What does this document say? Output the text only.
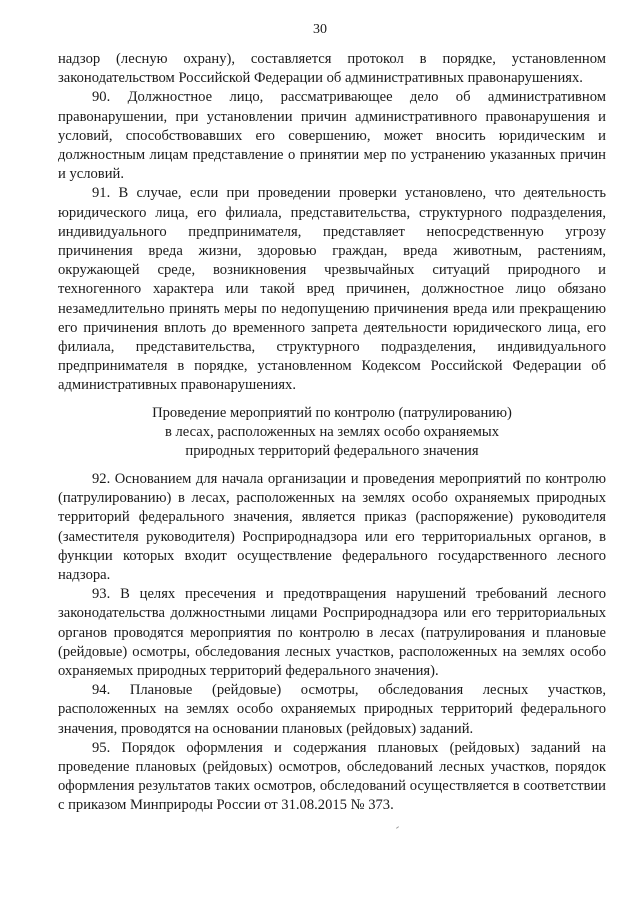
30

надзор (лесную охрану), составляется протокол в порядке, установленном законодательством Российской Федерации об административных правонарушениях.

90. Должностное лицо, рассматривающее дело об административном правонарушении, при установлении причин административного правонарушения и условий, способствовавших его совершению, может вносить юридическим и должностным лицам представление о принятии мер по устранению указанных причин и условий.

91. В случае, если при проведении проверки установлено, что деятельность юридического лица, его филиала, представительства, структурного подразделения, индивидуального предпринимателя, представляет непосредственную угрозу причинения вреда жизни, здоровью граждан, вреда животным, растениям, окружающей среде, возникновения чрезвычайных ситуаций природного и техногенного характера или такой вред причинен, должностное лицо обязано незамедлительно принять меры по недопущению причинения вреда или прекращению его причинения вплоть до временного запрета деятельности юридического лица, его филиала, представительства, структурного подразделения, индивидуального предпринимателя в порядке, установленном Кодексом Российской Федерации об административных правонарушениях.

Проведение мероприятий по контролю (патрулированию)
в лесах, расположенных на землях особо охраняемых
природных территорий федерального значения

92. Основанием для начала организации и проведения мероприятий по контролю (патрулированию) в лесах, расположенных на землях особо охраняемых природных территорий федерального значения, является приказ (распоряжение) руководителя (заместителя руководителя) Росприроднадзора или его территориальных органов, в функции которых входит осуществление федерального государственного лесного надзора.

93. В целях пресечения и предотвращения нарушений требований лесного законодательства должностными лицами Росприроднадзора или его территориальных органов проводятся мероприятия по контролю в лесах (патрулирования и плановые (рейдовые) осмотры, обследования лесных участков, расположенных на землях особо охраняемых природных территорий федерального значения).

94. Плановые (рейдовые) осмотры, обследования лесных участков, расположенных на землях особо охраняемых природных территорий федерального значения, проводятся на основании плановых (рейдовых) заданий.

95. Порядок оформления и содержания плановых (рейдовых) заданий на проведение плановых (рейдовых) осмотров, обследований лесных участков, порядок оформления результатов таких осмотров, обследований осуществляется в соответствии с приказом Минприроды России от 31.08.2015 № 373.
